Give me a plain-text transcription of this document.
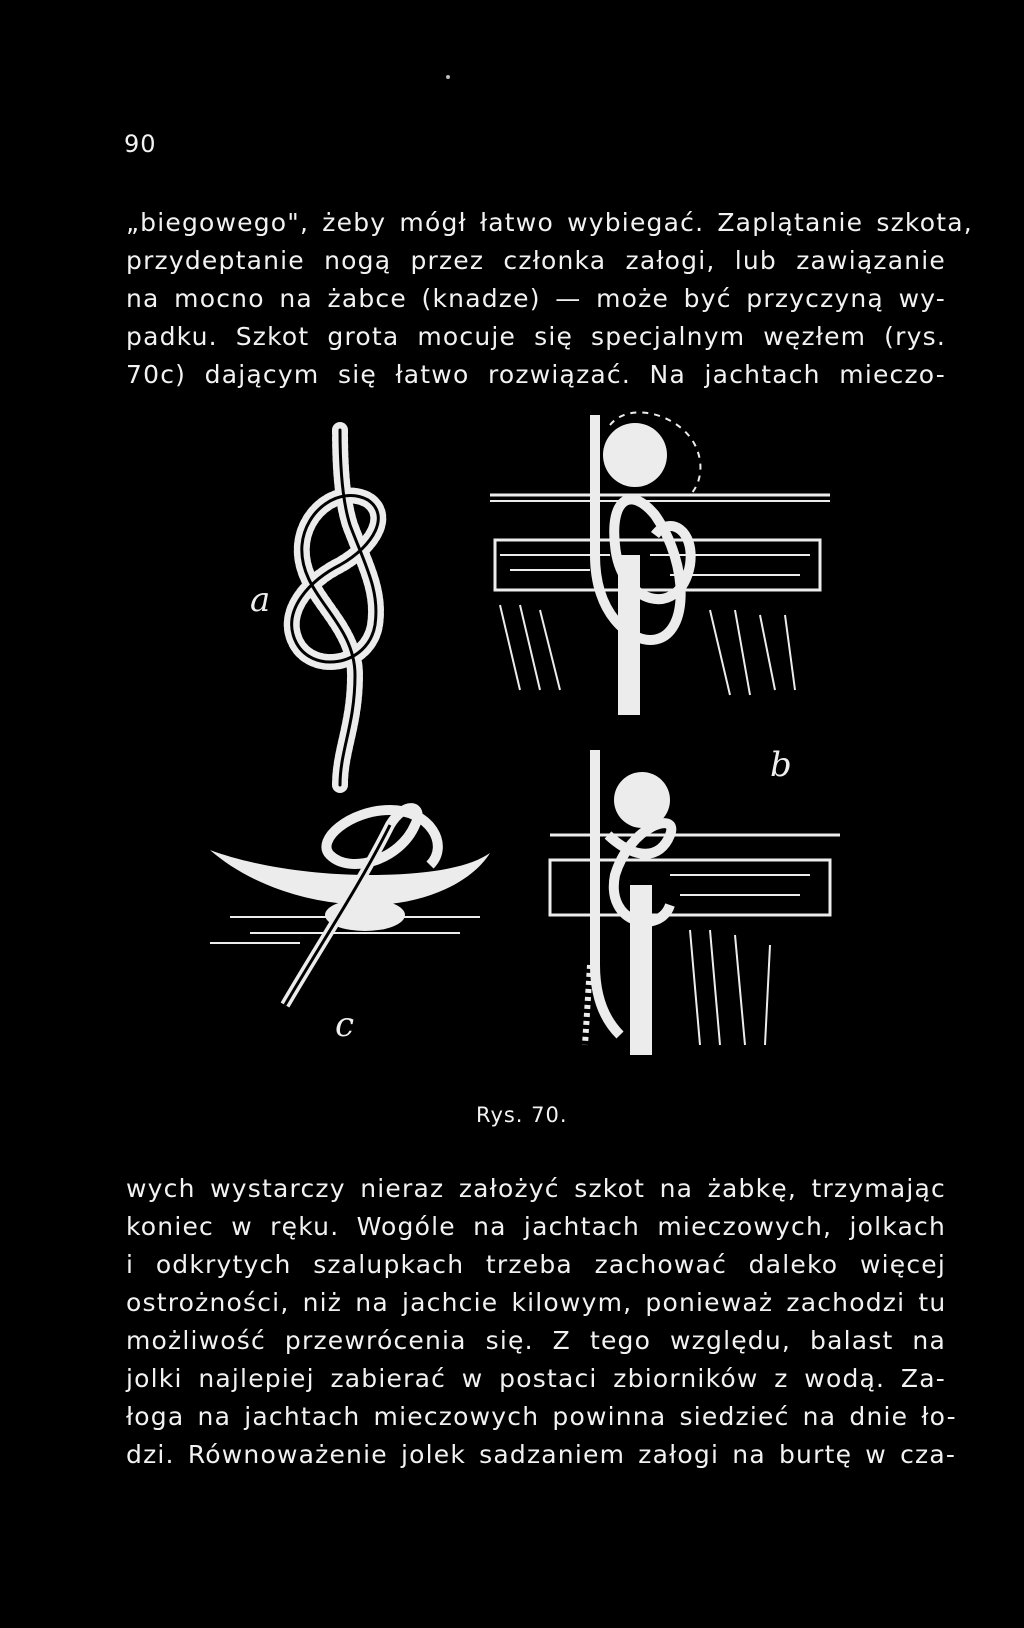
90
„biegowego", żeby mógł łatwo wybiegać. Zaplątanie szkota,
przydeptanie nogą przez członka załogi, lub zawiązanie
na mocno na żabce (knadze) — może być przyczyną wy-
padku. Szkot grota mocuje się specjalnym węzłem (rys.
70c) dającym się łatwo rozwiązać. Na jachtach mieczo-
a
b
c
Rys. 70.
wych wystarczy nieraz założyć szkot na żabkę, trzymając
koniec w ręku. Wogóle na jachtach mieczowych, jolkach
i odkrytych szalupkach trzeba zachować daleko więcej
ostrożności, niż na jachcie kilowym, ponieważ zachodzi tu
możliwość przewrócenia się. Z tego względu, balast na
jolki najlepiej zabierać w postaci zbiorników z wodą. Za-
łoga na jachtach mieczowych powinna siedzieć na dnie ło-
dzi. Równoważenie jolek sadzaniem załogi na burtę w cza-
